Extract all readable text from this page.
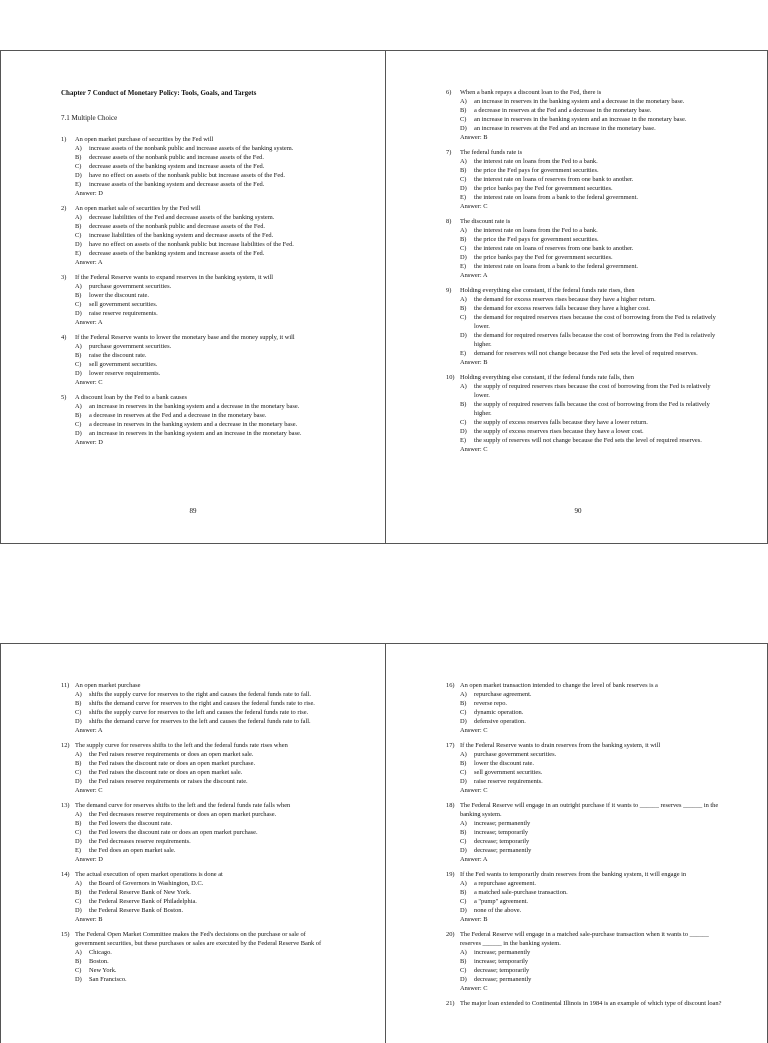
Chapter 7 Conduct of Monetary Policy: Tools, Goals, and Targets
7.1 Multiple Choice
1)	An open market purchase of securities by the Fed will
A)	increase assets of the nonbank public and increase assets of the banking system.
B)	decrease assets of the nonbank public and increase assets of the Fed.
C)	decrease assets of the banking system and increase assets of the Fed.
D)	have no effect on assets of the nonbank public but increase assets of the Fed.
E)	increase assets of the banking system and decrease assets of the Fed.
Answer: D
2)	An open market sale of securities by the Fed will
A)	decrease liabilities of the Fed and decrease assets of the banking system.
B)	decrease assets of the nonbank public and decrease assets of the Fed.
C)	increase liabilities of the banking system and decrease assets of the Fed.
D)	have no effect on assets of the nonbank public but increase liabilities of the Fed.
E)	decrease assets of the banking system and increase assets of the Fed.
Answer: A
3)	If the Federal Reserve wants to expand reserves in the banking system, it will
A)	purchase government securities.
B)	lower the discount rate.
C)	sell government securities.
D)	raise reserve requirements.
Answer: A
4)	If the Federal Reserve wants to lower the monetary base and the money supply, it will
A)	purchase government securities.
B)	raise the discount rate.
C)	sell government securities.
D)	lower reserve requirements.
Answer: C
5)	A discount loan by the Fed to a bank causes
A)	an increase in reserves in the banking system and a decrease in the monetary base.
B)	a decrease in reserves at the Fed and a decrease in the monetary base.
C)	a decrease in reserves in the banking system and a decrease in the monetary base.
D)	an increase in reserves in the banking system and an increase in the monetary base.
Answer: D
89
6)	When a bank repays a discount loan to the Fed, there is
A)	an increase in reserves in the banking system and a decrease in the monetary base.
B)	a decrease in reserves at the Fed and a decrease in the monetary base.
C)	an increase in reserves in the banking system and an increase in the monetary base.
D)	an increase in reserves at the Fed and an increase in the monetary base.
Answer: B
7)	The federal funds rate is
A)	the interest rate on loans from the Fed to a bank.
B)	the price the Fed pays for government securities.
C)	the interest rate on loans of reserves from one bank to another.
D)	the price banks pay the Fed for government securities.
E)	the interest rate on loans from a bank to the federal government.
Answer: C
8)	The discount rate is
A)	the interest rate on loans from the Fed to a bank.
B)	the price the Fed pays for government securities.
C)	the interest rate on loans of reserves from one bank to another.
D)	the price banks pay the Fed for government securities.
E)	the interest rate on loans from a bank to the federal government.
Answer: A
9)	Holding everything else constant, if the federal funds rate rises, then
A)	the demand for excess reserves rises because they have a higher return.
B)	the demand for excess reserves falls because they have a higher cost.
C)	the demand for required reserves rises because the cost of borrowing from the Fed is relatively lower.
D)	the demand for required reserves falls because the cost of borrowing from the Fed is relatively higher.
E)	demand for reserves will not change because the Fed sets the level of required reserves.
Answer: B
10) Holding everything else constant, if the federal funds rate falls, then
A)	the supply of required reserves rises because the cost of borrowing from the Fed is relatively lower.
B)	the supply of required reserves falls because the cost of borrowing from the Fed is relatively higher.
C)	the supply of excess reserves falls because they have a lower return.
D)	the supply of excess reserves rises because they have a lower cost.
E)	the supply of reserves will not change because the Fed sets the level of required reserves.
Answer: C
90
11) An open market purchase
A)	shifts the supply curve for reserves to the right and causes the federal funds rate to fall.
B)	shifts the demand curve for reserves to the right and causes the federal funds rate to rise.
C)	shifts the supply curve for reserves to the left and causes the federal funds rate to rise.
D)	shifts the demand curve for reserves to the left and causes the federal funds rate to fall.
Answer: A
12) The supply curve for reserves shifts to the left and the federal funds rate rises when
A)	the Fed raises reserve requirements or does an open market sale.
B)	the Fed raises the discount rate or does an open market purchase.
C)	the Fed raises the discount rate or does an open market sale.
D)	the Fed raises reserve requirements or raises the discount rate.
Answer: C
13) The demand curve for reserves shifts to the left and the federal funds rate falls when
A)	the Fed decreases reserve requirements or does an open market purchase.
B)	the Fed lowers the discount rate.
C)	the Fed lowers the discount rate or does an open market purchase.
D)	the Fed decreases reserve requirements.
E)	the Fed does an open market sale.
Answer: D
14) The actual execution of open market operations is done at
A)	the Board of Governors in Washington, D.C.
B)	the Federal Reserve Bank of New York.
C)	the Federal Reserve Bank of Philadelphia.
D)	the Federal Reserve Bank of Boston.
Answer: B
15) The Federal Open Market Committee makes the Fed's decisions on the purchase or sale of government securities, but these purchases or sales are executed by the Federal Reserve Bank of
A)	Chicago.
B)	Boston.
C)	New York.
D)	San Francisco.
16) An open market transaction intended to change the level of bank reserves is a
A)	repurchase agreement.
B)	reverse repo.
C)	dynamic operation.
D)	defensive operation.
Answer: C
17) If the Federal Reserve wants to drain reserves from the banking system, it will
A)	purchase government securities.
B)	lower the discount rate.
C)	sell government securities.
D)	raise reserve requirements.
Answer: C
18) The Federal Reserve will engage in an outright purchase if it wants to ______ reserves ______ in the banking system.
A)	increase; permanently
B)	increase; temporarily
C)	decrease; temporarily
D)	decrease; permanently
Answer: A
19) If the Fed wants to temporarily drain reserves from the banking system, it will engage in
A)	a repurchase agreement.
B)	a matched sale-purchase transaction.
C)	a "pump" agreement.
D)	none of the above.
Answer: B
20) The Federal Reserve will engage in a matched sale-purchase transaction when it wants to ______ reserves ______ in the banking system.
A)	increase; permanently
B)	increase; temporarily
C)	decrease; temporarily
D)	decrease; permanently
Answer: C
21) The major loan extended to Continental Illinois in 1984 is an example of which type of discount loan?
